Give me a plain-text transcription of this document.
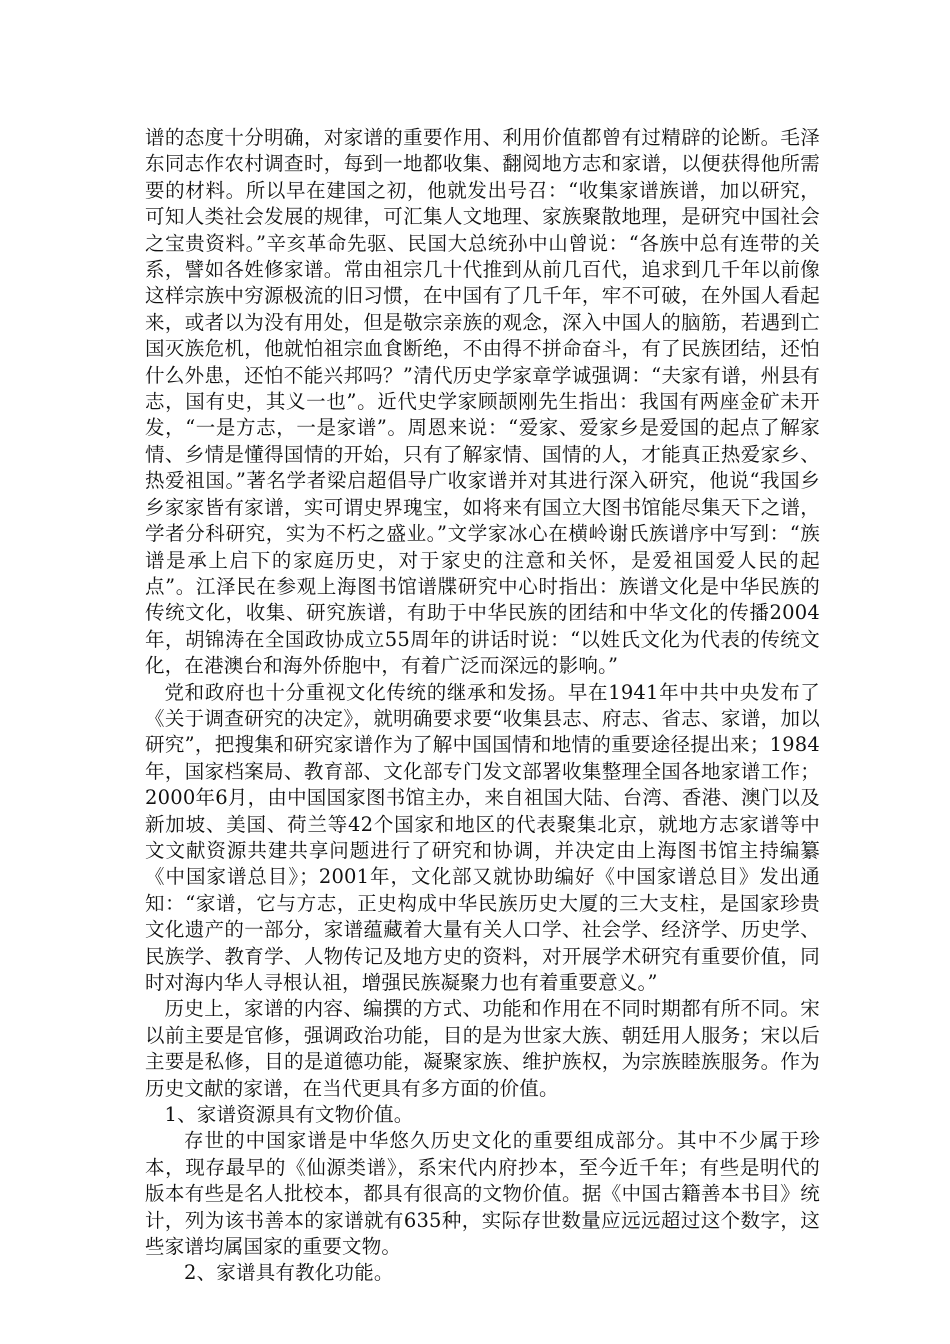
谱的态度十分明确，对家谱的重要作用、利用价值都曾有过精辟的论断。毛泽东同志作农村调查时，每到一地都收集、翻阅地方志和家谱，以便获得他所需要的材料。所以早在建国之初，他就发出号召：“收集家谱族谱，加以研究，可知人类社会发展的规律，可汇集人文地理、家族聚散地理，是研究中国社会之宝贵资料。”辛亥革命先驱、民国大总统孙中山曾说：“各族中总有连带的关系，譬如各姓修家谱。常由祖宗几十代推到从前几百代，追求到几千年以前像这样宗族中穷源极流的旧习惯，在中国有了几千年，牢不可破，在外国人看起来，或者以为没有用处，但是敬宗亲族的观念，深入中国人的脑筋，若遇到亡国灭族危机，他就怕祖宗血食断绝，不由得不拼命奋斗，有了民族团结，还怕什么外患，还怕不能兴邦吗？”清代历史学家章学诚强调：“夫家有谱，州县有志，国有史，其义一也”。近代史学家顾颉刚先生指出：我国有两座金矿未开发，“一是方志，一是家谱”。周恩来说：“爱家、爱家乡是爱国的起点了解家情、乡情是懂得国情的开始，只有了解家情、国情的人，才能真正热爱家乡、热爱祖国。”著名学者梁启超倡导广收家谱并对其进行深入研究，他说“我国乡乡家家皆有家谱，实可谓史界瑰宝，如将来有国立大图书馆能尽集天下之谱，学者分科研究，实为不朽之盛业。”文学家冰心在横岭谢氏族谱序中写到：“族谱是承上启下的家庭历史，对于家史的注意和关怀，是爱祖国爱人民的起点”。江泽民在参观上海图书馆谱牒研究中心时指出：族谱文化是中华民族的传统文化，收集、研究族谱，有助于中华民族的团结和中华文化的传播2004年，胡锦涛在全国政协成立55周年的讲话时说：“以姓氏文化为代表的传统文化，在港澳台和海外侨胞中，有着广泛而深远的影响。”

党和政府也十分重视文化传统的继承和发扬。早在1941年中共中央发布了《关于调查研究的决定》，就明确要求要“收集县志、府志、省志、家谱，加以研究”，把搜集和研究家谱作为了解中国国情和地情的重要途径提出来；1984年，国家档案局、教育部、文化部专门发文部署收集整理全国各地家谱工作；2000年6月，由中国国家图书馆主办，来自祖国大陆、台湾、香港、澳门以及新加坡、美国、荷兰等42个国家和地区的代表聚集北京，就地方志家谱等中文文献资源共建共享问题进行了研究和协调，并决定由上海图书馆主持编纂《中国家谱总目》；2001年，文化部又就协助编好《中国家谱总目》发出通知：“家谱，它与方志，正史构成中华民族历史大厦的三大支柱，是国家珍贵文化遗产的一部分，家谱蕴藏着大量有关人口学、社会学、经济学、历史学、民族学、教育学、人物传记及地方史的资料，对开展学术研究有重要价值，同时对海内华人寻根认祖，增强民族凝聚力也有着重要意义。”

历史上，家谱的内容、编撰的方式、功能和作用在不同时期都有所不同。宋以前主要是官修，强调政治功能，目的是为世家大族、朝廷用人服务；宋以后主要是私修，目的是道德功能，凝聚家族、维护族权，为宗族睦族服务。作为历史文献的家谱，在当代更具有多方面的价值。

1、家谱资源具有文物价值。

存世的中国家谱是中华悠久历史文化的重要组成部分。其中不少属于珍本，现存最早的《仙源类谱》，系宋代内府抄本，至今近千年；有些是明代的版本有些是名人批校本，都具有很高的文物价值。据《中国古籍善本书目》统计，列为该书善本的家谱就有635种，实际存世数量应远远超过这个数字，这些家谱均属国家的重要文物。

2、家谱具有教化功能。
